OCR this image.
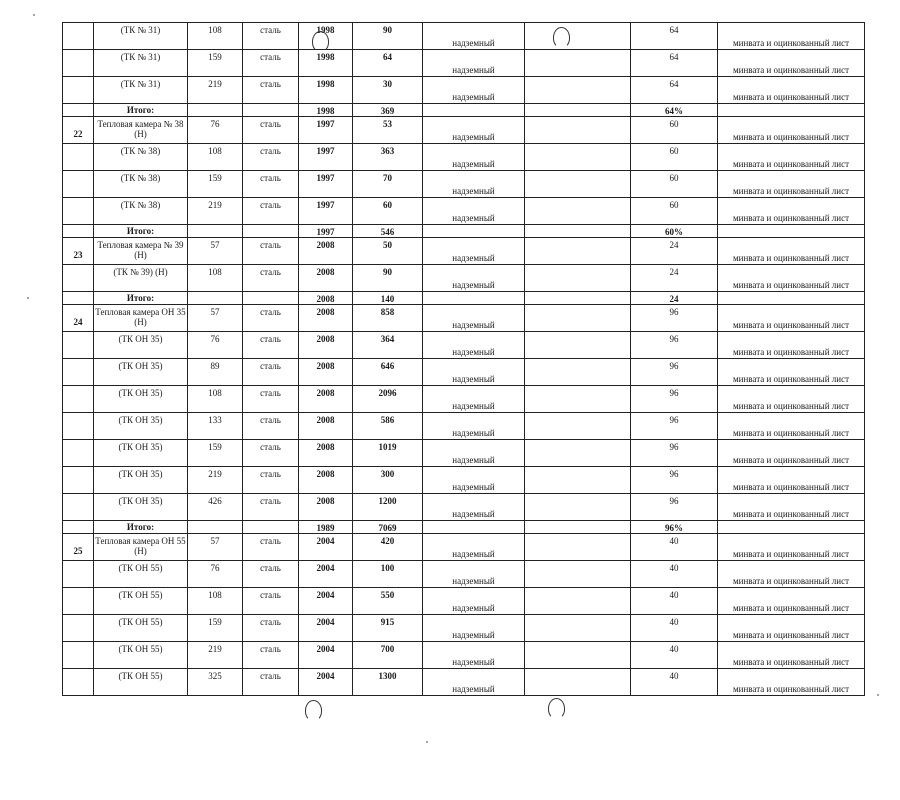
	(ТК № 31)	108	сталь	1998	90	надземный		64	минвата и оцинкованный лист
	(ТК № 31)	159	сталь	1998	64	надземный		64	минвата и оцинкованный лист
	(ТК № 31)	219	сталь	1998	30	надземный		64	минвата и оцинкованный лист
	Итого:			1998	369			64%	
22	Тепловая камера № 38 (Н)	76	сталь	1997	53	надземный		60	минвата и оцинкованный лист
	(ТК № 38)	108	сталь	1997	363	надземный		60	минвата и оцинкованный лист
	(ТК № 38)	159	сталь	1997	70	надземный		60	минвата и оцинкованный лист
	(ТК № 38)	219	сталь	1997	60	надземный		60	минвата и оцинкованный лист
	Итого:			1997	546			60%	
23	Тепловая камера № 39 (Н)	57	сталь	2008	50	надземный		24	минвата и оцинкованный лист
	(ТК № 39) (Н)	108	сталь	2008	90	надземный		24	минвата и оцинкованный лист
	Итого:			2008	140			24	
24	Тепловая камера ОН 35 (Н)	57	сталь	2008	858	надземный		96	минвата и оцинкованный лист
	(ТК ОН 35)	76	сталь	2008	364	надземный		96	минвата и оцинкованный лист
	(ТК ОН 35)	89	сталь	2008	646	надземный		96	минвата и оцинкованный лист
	(ТК ОН 35)	108	сталь	2008	2096	надземный		96	минвата и оцинкованный лист
	(ТК ОН 35)	133	сталь	2008	586	надземный		96	минвата и оцинкованный лист
	(ТК ОН 35)	159	сталь	2008	1019	надземный		96	минвата и оцинкованный лист
	(ТК ОН 35)	219	сталь	2008	300	надземный		96	минвата и оцинкованный лист
	(ТК ОН 35)	426	сталь	2008	1200	надземный		96	минвата и оцинкованный лист
	Итого:			1989	7069			96%	
25	Тепловая камера ОН 55 (Н)	57	сталь	2004	420	надземный		40	минвата и оцинкованный лист
	(ТК ОН 55)	76	сталь	2004	100	надземный		40	минвата и оцинкованный лист
	(ТК ОН 55)	108	сталь	2004	550	надземный		40	минвата и оцинкованный лист
	(ТК ОН 55)	159	сталь	2004	915	надземный		40	минвата и оцинкованный лист
	(ТК ОН 55)	219	сталь	2004	700	надземный		40	минвата и оцинкованный лист
	(ТК ОН 55)	325	сталь	2004	1300	надземный		40	минвата и оцинкованный лист
